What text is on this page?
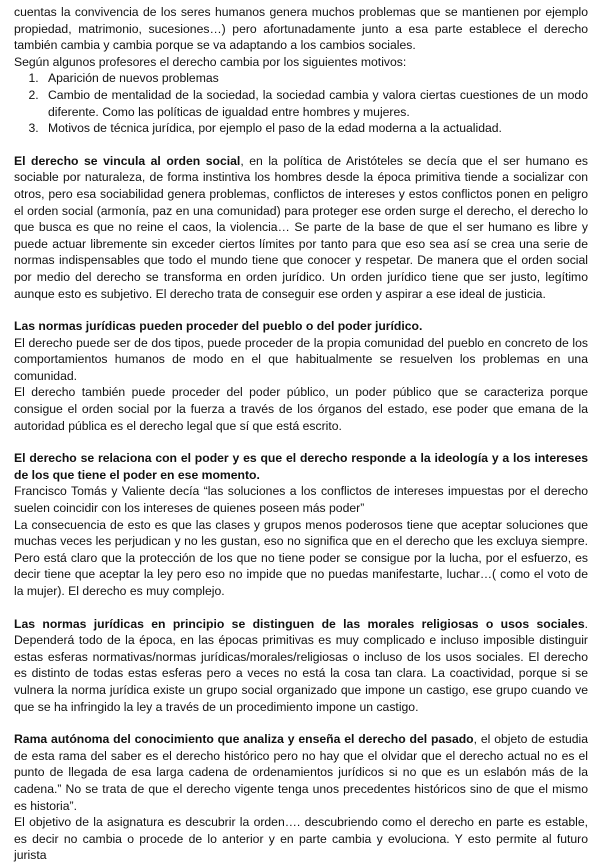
cuentas la convivencia de los seres humanos genera muchos problemas que se mantienen por ejemplo propiedad, matrimonio, sucesiones…) pero afortunadamente junto a esa parte establece el derecho también cambia y cambia porque se va adaptando a los cambios sociales.

Según algunos profesores el derecho cambia por los siguientes motivos:

1. Aparición de nuevos problemas
2. Cambio de mentalidad de la sociedad, la sociedad cambia y valora ciertas cuestiones de un modo diferente. Como las políticas de igualdad entre hombres y mujeres.
3. Motivos de técnica jurídica, por ejemplo el paso de la edad moderna a la actualidad.

El derecho se vincula al orden social, en la política de Aristóteles se decía que el ser humano es sociable por naturaleza, de forma instintiva los hombres desde la época primitiva tiende a socializar con otros, pero esa sociabilidad genera problemas, conflictos de intereses y estos conflictos ponen en peligro el orden social (armonía, paz en una comunidad) para proteger ese orden surge el derecho, el derecho lo que busca es que no reine el caos, la violencia… Se parte de la base de que el ser humano es libre y puede actuar libremente sin exceder ciertos límites por tanto para que eso sea así se crea una serie de normas indispensables que todo el mundo tiene que conocer y respetar. De manera que el orden social por medio del derecho se transforma en orden jurídico. Un orden jurídico tiene que ser justo, legítimo aunque esto es subjetivo. El derecho trata de conseguir ese orden y aspirar a ese ideal de justicia.

Las normas jurídicas pueden proceder del pueblo o del poder jurídico.

El derecho puede ser de dos tipos, puede proceder de la propia comunidad del pueblo en concreto de los comportamientos humanos de modo en el que habitualmente se resuelven los problemas en una comunidad.

El derecho también puede proceder del poder público, un poder público que se caracteriza porque consigue el orden social por la fuerza a través de los órganos del estado, ese poder que emana de la autoridad pública es el derecho legal que sí que está escrito.

El derecho se relaciona con el poder y es que el derecho responde a la ideología y a los intereses de los que tiene el poder en ese momento.

Francisco Tomás y Valiente decía “las soluciones a los conflictos de intereses impuestas por el derecho suelen coincidir con los intereses de quienes poseen más poder”

La consecuencia de esto es que las clases y grupos menos poderosos tiene que aceptar soluciones que muchas veces les perjudican y no les gustan, eso no significa que en el derecho que les excluya siempre. Pero está claro que la protección de los que no tiene poder se consigue por la lucha, por el esfuerzo, es decir tiene que aceptar la ley pero eso no impide que no puedas manifestarte, luchar…( como el voto de la mujer). El derecho es muy complejo.

Las normas jurídicas en principio se distinguen de las morales religiosas o usos sociales. Dependerá todo de la época, en las épocas primitivas es muy complicado e incluso imposible distinguir estas esferas normativas/normas jurídicas/morales/religiosas o incluso de los usos sociales. El derecho es distinto de todas estas esferas pero a veces no está la cosa tan clara. La coactividad, porque si se vulnera la norma jurídica existe un grupo social organizado que impone un castigo, ese grupo cuando ve que se ha infringido la ley a través de un procedimiento impone un castigo.

Rama autónoma del conocimiento que analiza y enseña el derecho del pasado, el objeto de estudia de esta rama del saber es el derecho histórico pero no hay que el olvidar que el derecho actual no es el punto de llegada de esa larga cadena de ordenamientos jurídicos si no que es un eslabón más de la cadena.” No se trata de que el derecho vigente tenga unos precedentes históricos sino de que el mismo es historia”.

El objetivo de la asignatura es descubrir la orden…. descubriendo como el derecho en parte es estable, es decir no cambia o procede de lo anterior y en parte cambia y evoluciona. Y esto permite al futuro jurista
